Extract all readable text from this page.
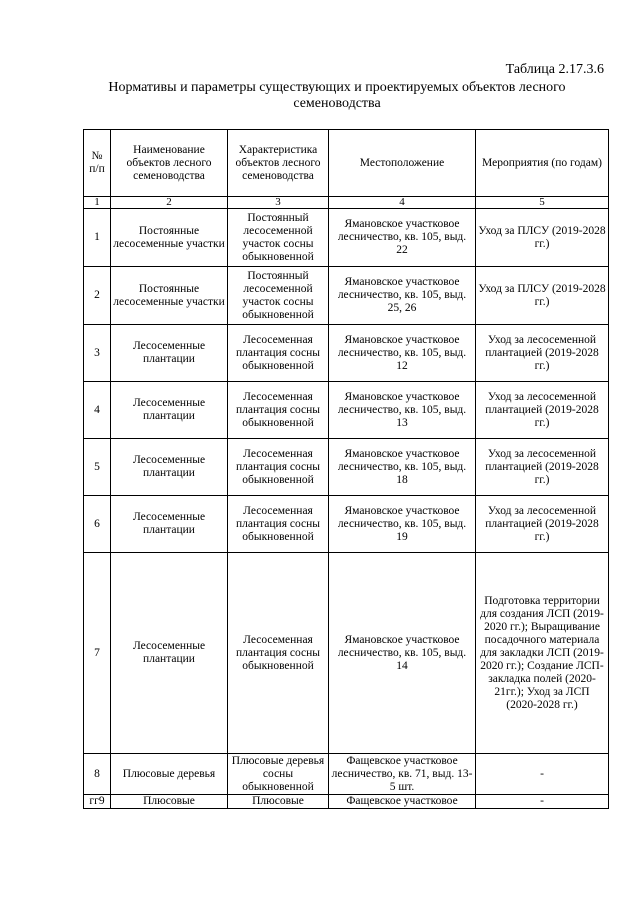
Таблица 2.17.3.6
Нормативы и параметры существующих и проектируемых объектов лесного семеноводства
№ п/п	Наименование объектов лесного семеноводства	Характеристика объектов лесного семеноводства	Местоположение	Мероприятия (по годам)
1	2	3	4	5
1	Постоянные лесосеменные участки	Постоянный лесосеменной участок сосны обыкновенной	Ямановское участковое лесничество, кв. 105, выд. 22	Уход за ПЛСУ (2019-2028 гг.)
2	Постоянные лесосеменные участки	Постоянный лесосеменной участок сосны обыкновенной	Ямановское участковое лесничество, кв. 105, выд. 25, 26	Уход за ПЛСУ (2019-2028 гг.)
3	Лесосеменные плантации	Лесосеменная плантация сосны обыкновенной	Ямановское участковое лесничество, кв. 105, выд. 12	Уход за лесосеменной плантацией (2019-2028 гг.)
4	Лесосеменные плантации	Лесосеменная плантация сосны обыкновенной	Ямановское участковое лесничество, кв. 105, выд. 13	Уход за лесосеменной плантацией (2019-2028 гг.)
5	Лесосеменные плантации	Лесосеменная плантация сосны обыкновенной	Ямановское участковое лесничество, кв. 105, выд. 18	Уход за лесосеменной плантацией (2019-2028 гг.)
6	Лесосеменные плантации	Лесосеменная плантация сосны обыкновенной	Ямановское участковое лесничество, кв. 105, выд. 19	Уход за лесосеменной плантацией (2019-2028 гг.)
7	Лесосеменные плантации	Лесосеменная плантация сосны обыкновенной	Ямановское участковое лесничество, кв. 105, выд. 14	Подготовка территории для создания ЛСП (2019-2020 гг.); Выращивание посадочного материала для закладки ЛСП (2019-2020 гг.); Создание ЛСП-закладка полей (2020-21гг.); Уход за ЛСП (2020-2028 гг.)
8	Плюсовые деревья	Плюсовые деревья сосны обыкновенной	Фащевское участковое лесничество, кв. 71, выд. 13-5 шт.	-
гг9	Плюсовые	Плюсовые	Фащевское участковое	-
